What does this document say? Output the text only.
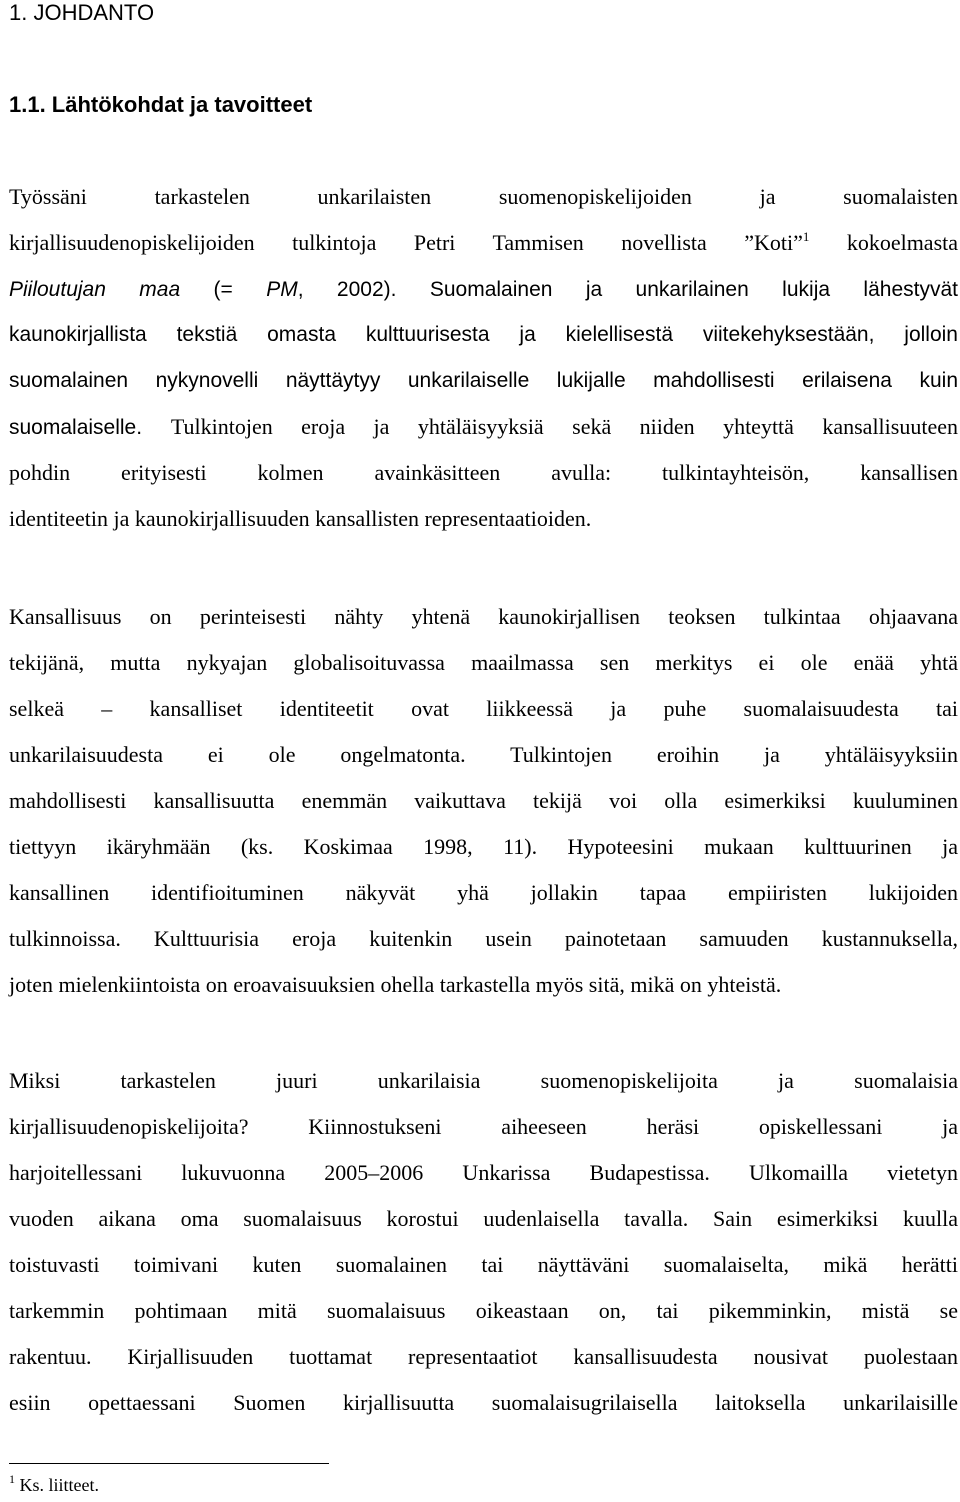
1. JOHDANTO
1.1. Lähtökohdat ja tavoitteet
Työssäni tarkastelen unkarilaisten suomenopiskelijoiden ja suomalaisten
kirjallisuudenopiskelijoiden tulkintoja Petri Tammisen novellista ”Koti”$^1$ kokoelmasta
Piiloutujan maa (= PM, 2002). Suomalainen ja unkarilainen lukija lähestyvät
kaunokirjallista tekstiä omasta kulttuurisesta ja kielellisestä viitekehyksestään, jolloin
suomalainen nykynovelli näyttäytyy unkarilaiselle lukijalle mahdollisesti erilaisena kuin
suomalaiselle. Tulkintojen eroja ja yhtäläisyyksiä sekä niiden yhteyttä kansallisuuteen
pohdin erityisesti kolmen avainkäsitteen avulla: tulkintayhteisön, kansallisen
identiteetin ja kaunokirjallisuuden kansallisten representaatioiden.
Kansallisuus on perinteisesti nähty yhtenä kaunokirjallisen teoksen tulkintaa ohjaavana
tekijänä, mutta nykyajan globalisoituvassa maailmassa sen merkitys ei ole enää yhtä
selkeä – kansalliset identiteetit ovat liikkeessä ja puhe suomalaisuudesta tai
unkarilaisuudesta ei ole ongelmatonta. Tulkintojen eroihin ja yhtäläisyyksiin
mahdollisesti kansallisuutta enemmän vaikuttava tekijä voi olla esimerkiksi kuuluminen
tiettyyn ikäryhmään (ks. Koskimaa 1998, 11). Hypoteesini mukaan kulttuurinen ja
kansallinen identifioituminen näkyvät yhä jollakin tapaa empiiristen lukijoiden
tulkinnoissa. Kulttuurisia eroja kuitenkin usein painotetaan samuuden kustannuksella,
joten mielenkiintoista on eroavaisuuksien ohella tarkastella myös sitä, mikä on yhteistä.
Miksi tarkastelen juuri unkarilaisia suomenopiskelijoita ja suomalaisia
kirjallisuudenopiskelijoita? Kiinnostukseni aiheeseen heräsi opiskellessani ja
harjoitellessani lukuvuonna 2005–2006 Unkarissa Budapestissa. Ulkomailla vietetyn
vuoden aikana oma suomalaisuus korostui uudenlaisella tavalla. Sain esimerkiksi kuulla
toistuvasti toimivani kuten suomalainen tai näyttäväni suomalaiselta, mikä herätti
tarkemmin pohtimaan mitä suomalaisuus oikeastaan on, tai pikemminkin, mistä se
rakentuu. Kirjallisuuden tuottamat representaatiot kansallisuudesta nousivat puolestaan
esiin opettaessani Suomen kirjallisuutta suomalaisugrilaisella laitoksella unkarilaisille
$^1$ Ks. liitteet.
